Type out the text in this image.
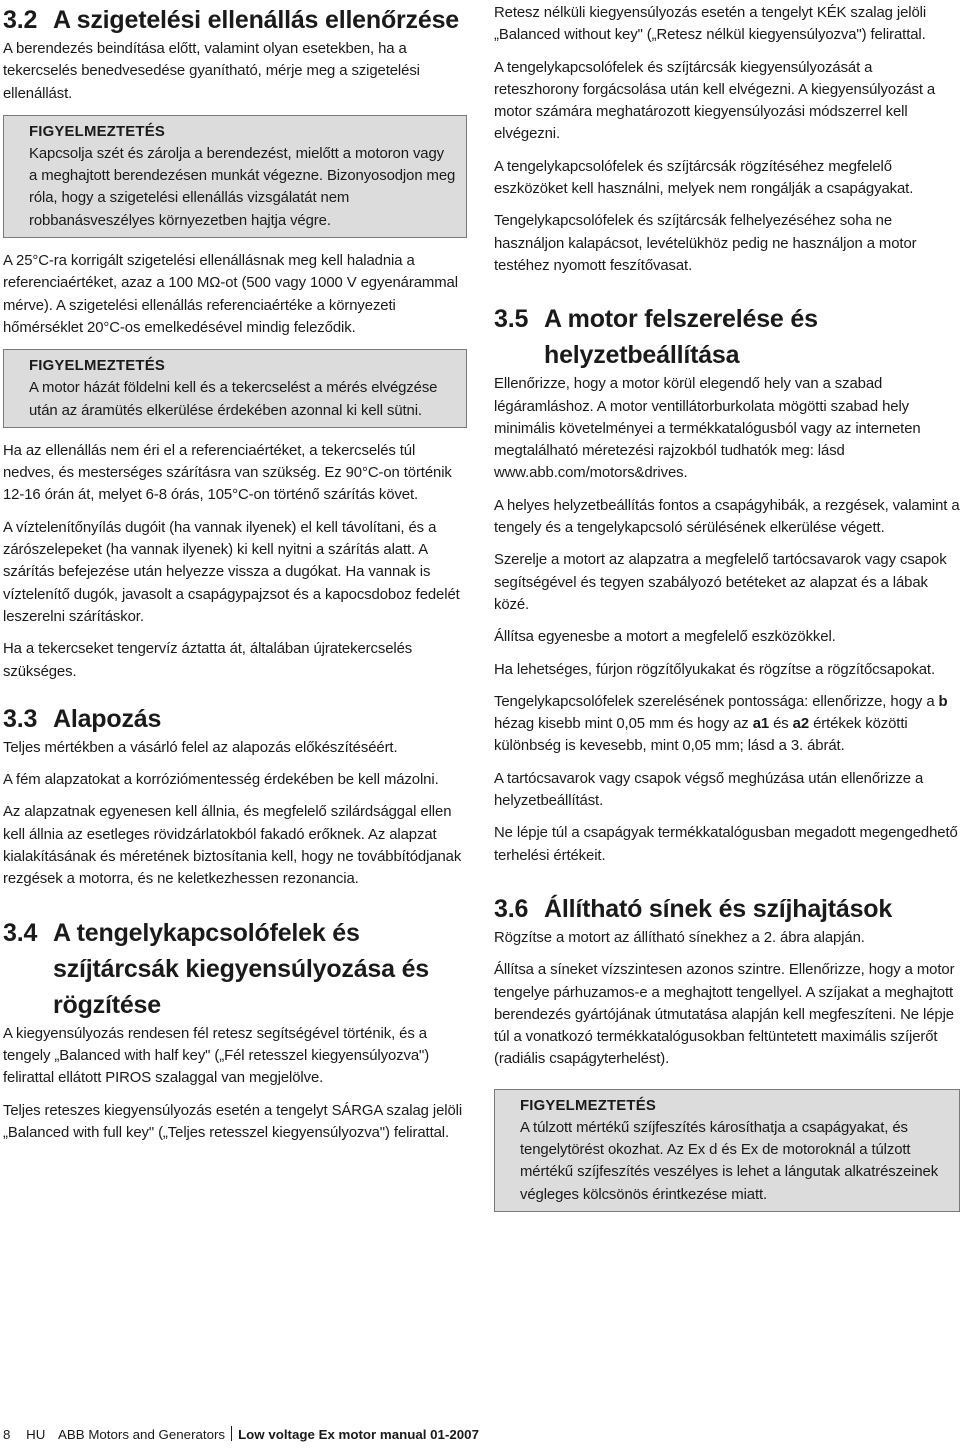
3.2 A szigetelési ellenállás ellenőrzése

A berendezés beindítása előtt, valamint olyan esetekben, ha a tekercselés benedvesedése gyanítható, mérje meg a szigetelési ellenállást.

FIGYELMEZTETÉS

Kapcsolja szét és zárolja a berendezést, mielőtt a motoron vagy a meghajtott berendezésen munkát végezne. Bizonyosodjon meg róla, hogy a szigetelési ellenállás vizsgálatát nem robbanásveszélyes környezetben hajtja végre.

A 25°C-ra korrigált szigetelési ellenállásnak meg kell haladnia a referenciaértéket, azaz a 100 MΩ-ot (500 vagy 1000 V egyenárammal mérve). A szigetelési ellenállás referenciaértéke a környezeti hőmérséklet 20°C-os emelkedésével mindig feleződik.

FIGYELMEZTETÉS

A motor házát földelni kell és a tekercselést a mérés elvégzése után az áramütés elkerülése érdekében azonnal ki kell sütni.

Ha az ellenállás nem éri el a referenciaértéket, a tekercselés túl nedves, és mesterséges szárításra van szükség. Ez 90°C-on történik 12-16 órán át, melyet 6-8 órás, 105°C-on történő szárítás követ.

A víztelenítőnyílás dugóit (ha vannak ilyenek) el kell távolítani, és a zárószelepeket (ha vannak ilyenek) ki kell nyitni a szárítás alatt. A szárítás befejezése után helyezze vissza a dugókat. Ha vannak is víztelenítő dugók, javasolt a csapágypajzsot és a kapocsdoboz fedelét leszerelni szárításkor.

Ha a tekercseket tengervíz áztatta át, általában újratekercselés szükséges.

3.3 Alapozás

Teljes mértékben a vásárló felel az alapozás előkészítéséért.

A fém alapzatokat a korróziómentesség érdekében be kell mázolni.

Az alapzatnak egyenesen kell állnia, és megfelelő szilárdsággal ellen kell állnia az esetleges rövidzárlatokból fakadó erőknek. Az alapzat kialakításának és méretének biztosítania kell, hogy ne továbbítódjanak rezgések a motorra, és ne keletkezhessen rezonancia.

3.4 A tengelykapcsolófelek és szíjtárcsák kiegyensúlyozása és rögzítése

A kiegyensúlyozás rendesen fél retesz segítségével történik, és a tengely „Balanced with half key" („Fél retesszel kiegyensúlyozva") felirattal ellátott PIROS szalaggal van megjelölve.

Teljes reteszes kiegyensúlyozás esetén a tengelyt SÁRGA szalag jelöli „Balanced with full key" („Teljes retesszel kiegyensúlyozva") felirattal.

Retesz nélküli kiegyensúlyozás esetén a tengelyt KÉK szalag jelöli „Balanced without key" („Retesz nélkül kiegyensúlyozva") felirattal.

A tengelykapcsolófelek és szíjtárcsák kiegyensúlyozását a reteszhorony forgácsolása után kell elvégezni. A kiegyensúlyozást a motor számára meghatározott kiegyensúlyozási módszerrel kell elvégezni.

A tengelykapcsolófelek és szíjtárcsák rögzítéséhez megfelelő eszközöket kell használni, melyek nem rongálják a csapágyakat.

Tengelykapcsolófelek és szíjtárcsák felhelyezéséhez soha ne használjon kalapácsot, levételükhöz pedig ne használjon a motor testéhez nyomott feszítővasat.

3.5 A motor felszerelése és helyzetbeállítása

Ellenőrizze, hogy a motor körül elegendő hely van a szabad légáramláshoz. A motor ventillátorburkolata mögötti szabad hely minimális követelményei a termékkatalógusból vagy az interneten megtalálható méretezési rajzokból tudhatók meg: lásd www.abb.com/motors&drives.

A helyes helyzetbeállítás fontos a csapágyhibák, a rezgések, valamint a tengely és a tengelykapcsoló sérülésének elkerülése végett.

Szerelje a motort az alapzatra a megfelelő tartócsavarok vagy csapok segítségével és tegyen szabályozó betéteket az alapzat és a lábak közé.

Állítsa egyenesbe a motort a megfelelő eszközökkel.

Ha lehetséges, fúrjon rögzítőlyukakat és rögzítse a rögzítőcsapokat.

Tengelykapcsolófelek szerelésének pontossága: ellenőrizze, hogy a b hézag kisebb mint 0,05 mm és hogy az a1 és a2 értékek közötti különbség is kevesebb, mint 0,05 mm; lásd a 3. ábrát.

A tartócsavarok vagy csapok végső meghúzása után ellenőrizze a helyzetbeállítást.

Ne lépje túl a csapágyak termékkatalógusban megadott megengedhető terhelési értékeit.

3.6 Állítható sínek és szíjhajtások

Rögzítse a motort az állítható sínekhez a 2. ábra alapján.

Állítsa a síneket vízszintesen azonos szintre. Ellenőrizze, hogy a motor tengelye párhuzamos-e a meghajtott tengellyel. A szíjakat a meghajtott berendezés gyártójának útmutatása alapján kell megfeszíteni. Ne lépje túl a vonatkozó termékkatalógusokban feltüntetett maximális szíjerőt (radiális csapágyterhelést).

FIGYELMEZTETÉS

A túlzott mértékű szíjfeszítés károsíthatja a csapágyakat, és tengelytörést okozhat. Az Ex d és Ex de motoroknál a túlzott mértékű szíjfeszítés veszélyes is lehet a lángutak alkatrészeinek végleges kölcsönös érintkezése miatt.

8 HU ABB Motors and Generators Low voltage Ex motor manual 01-2007
